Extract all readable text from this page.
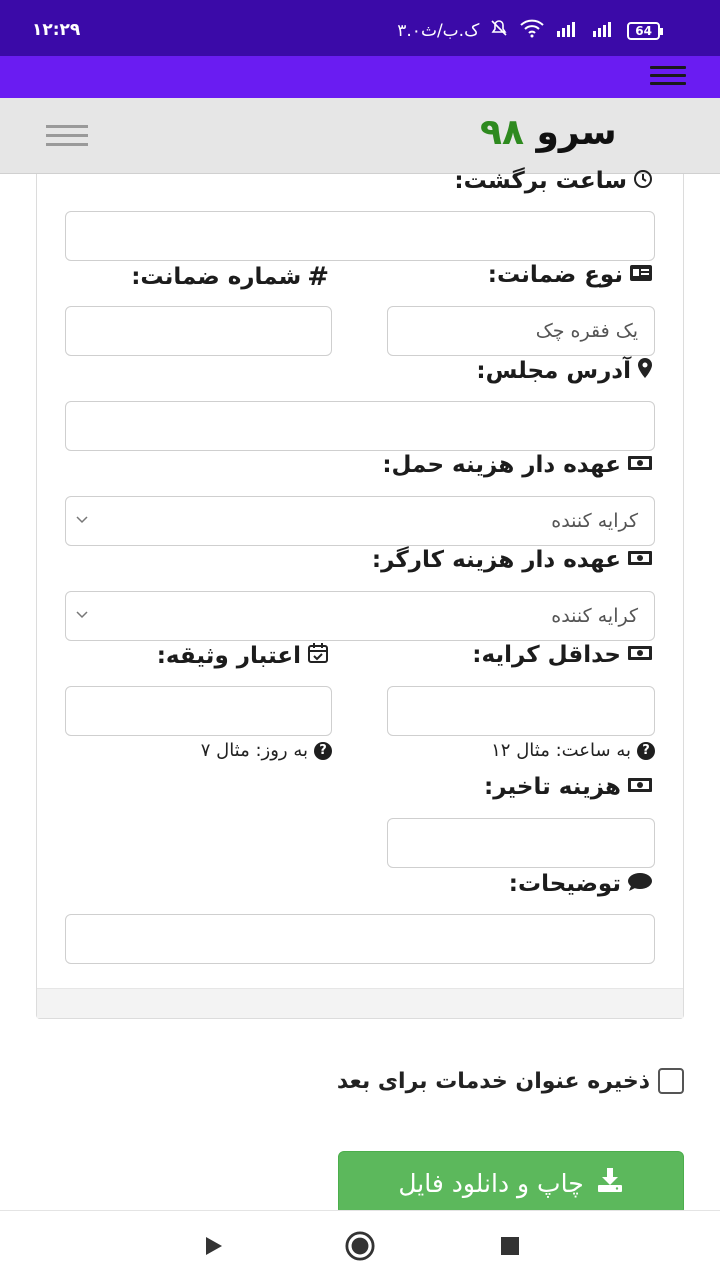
۱۲:۲۹	۳.۰ک.ب/ث	64
سرو ۹۸
ساعت برگشت:
نوع ضمانت:
#
شماره ضمانت:
یک فقره چک
آدرس مجلس:
عهده دار هزینه حمل:
کرایه کننده
عهده دار هزینه کارگر:
کرایه کننده
حداقل کرایه:
اعتبار وثیقه:
?
به ساعت: مثال ۱۲
?
به روز: مثال ۷
هزینه تاخیر:
توضیحات:
ذخیره عنوان خدمات برای بعد
چاپ و دانلود فایل
